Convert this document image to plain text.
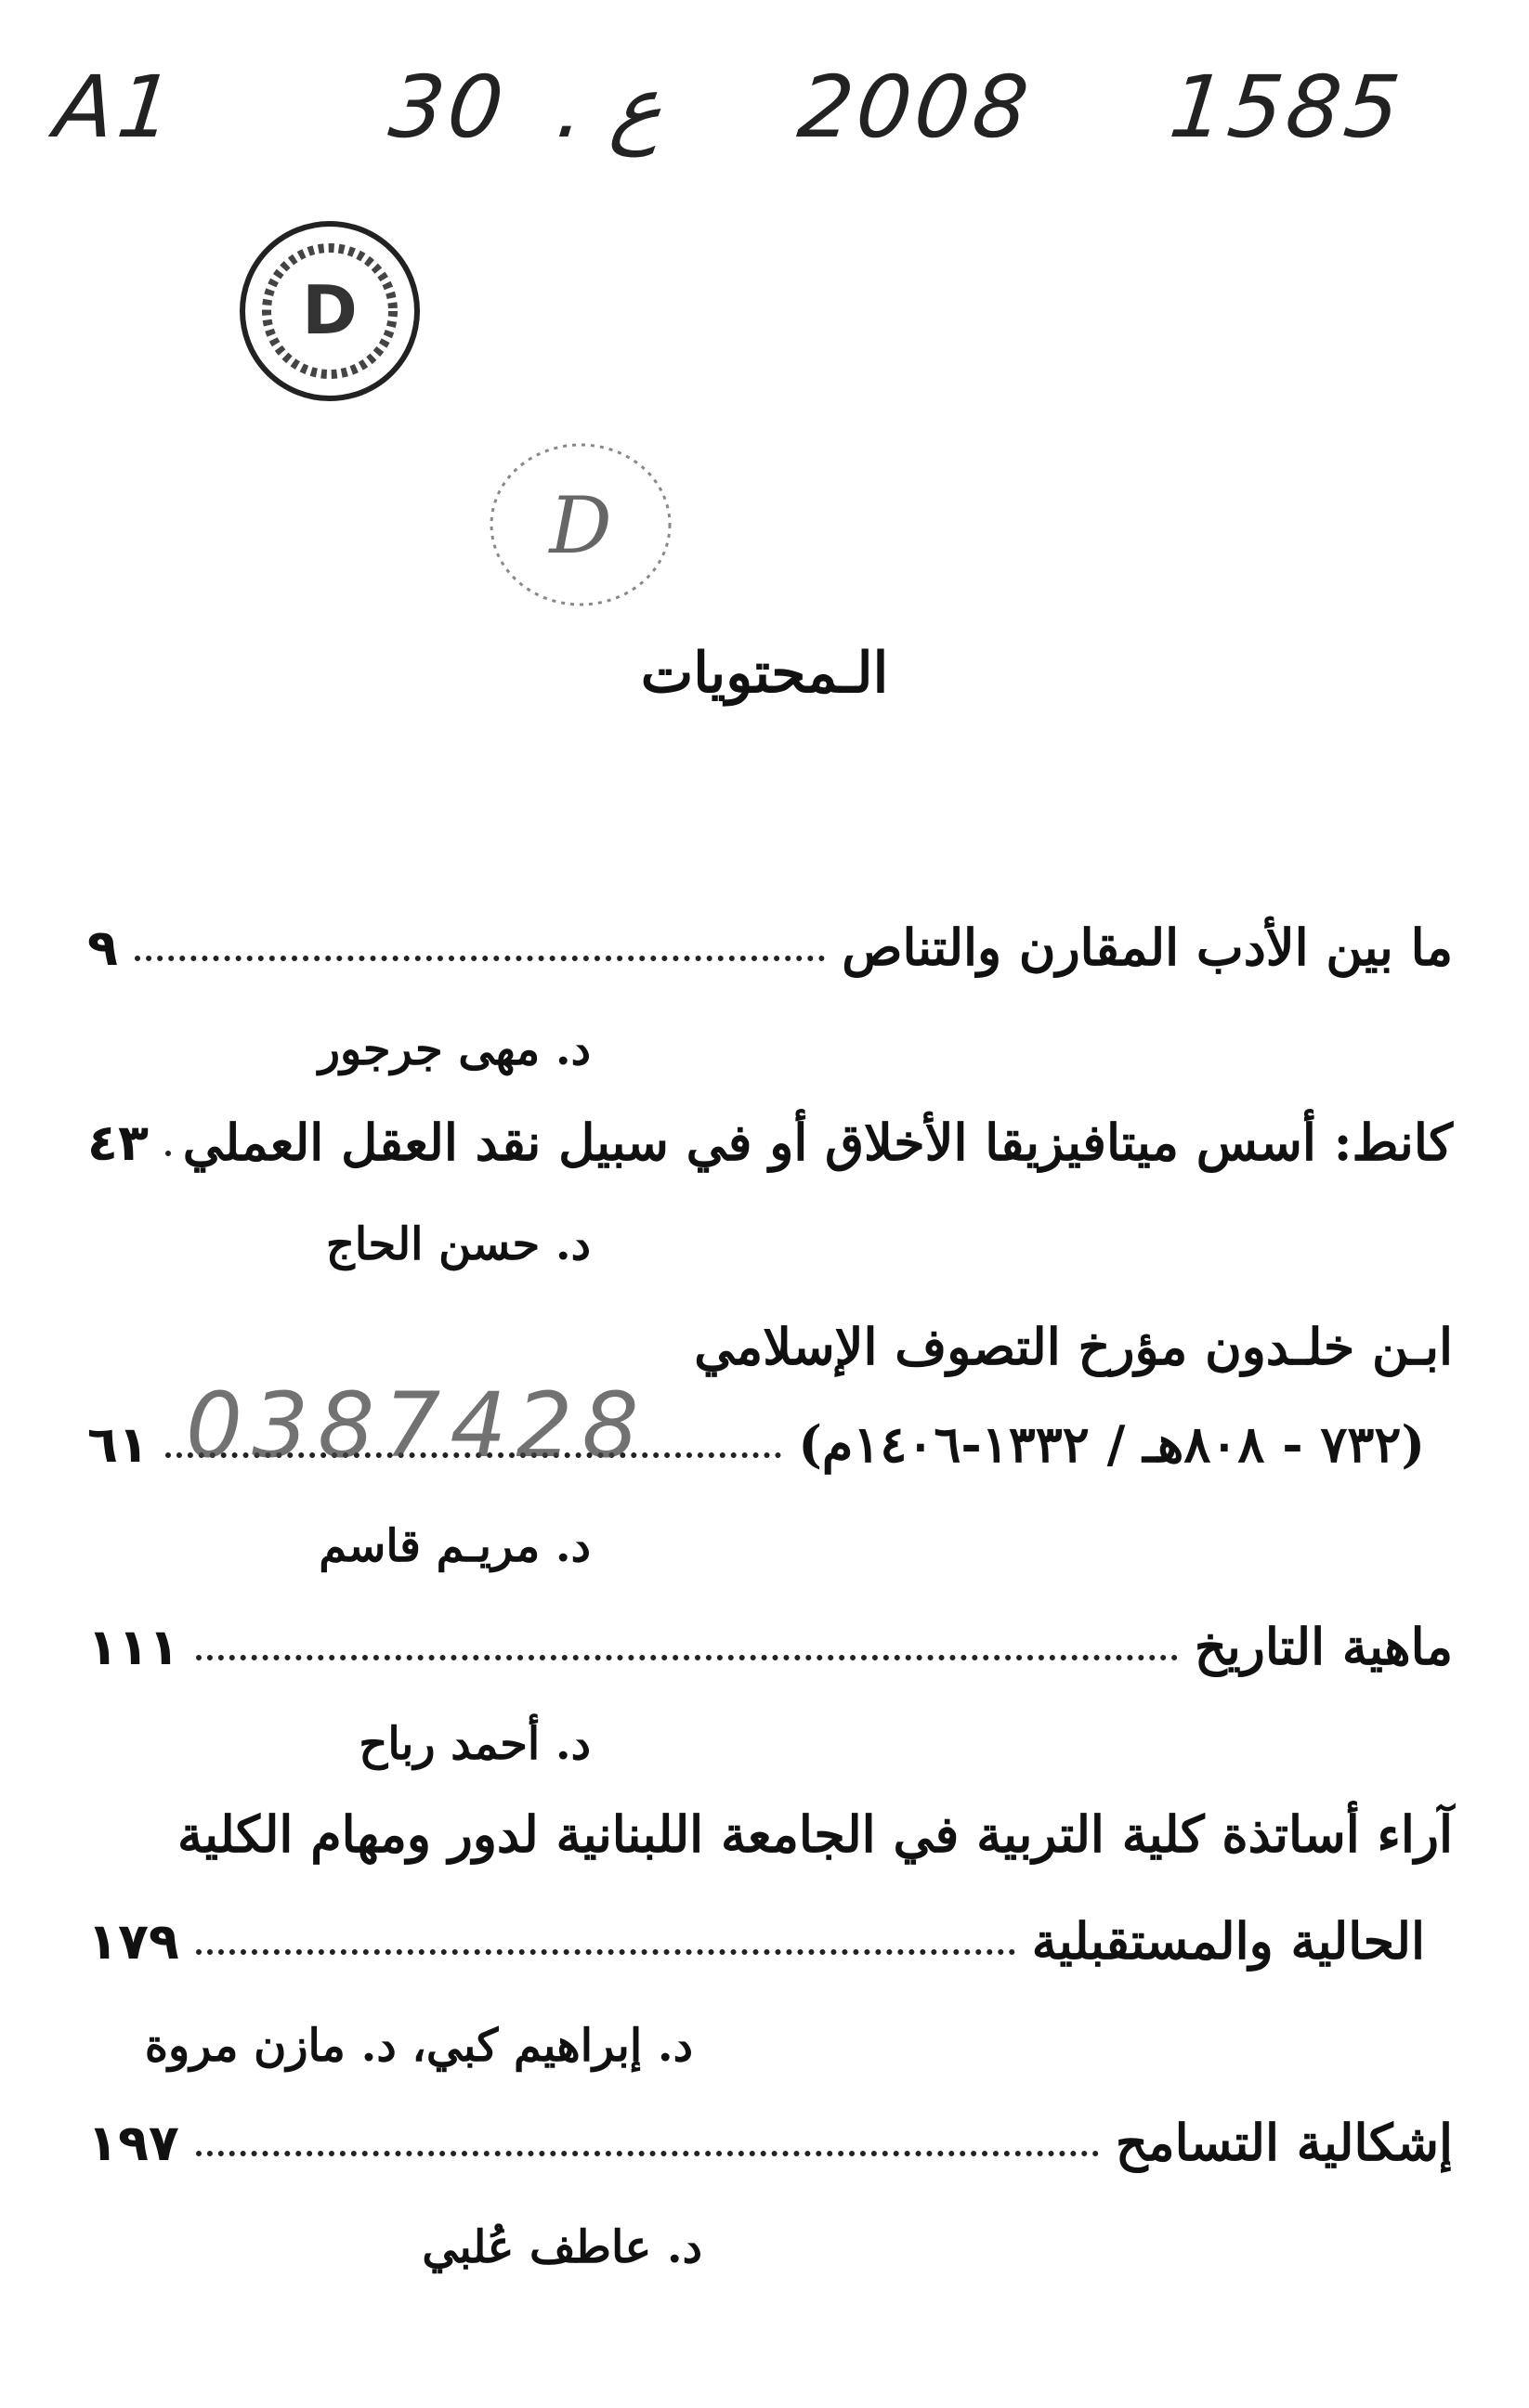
A1 30 . ع 2008 1585
D
D
الـمحتويات
ما بين الأدب المقارن والتناص
٩
د. مهى جرجور
كانط: أسس ميتافيزيقا الأخلاق أو في سبيل نقد العقل العملي
٤٣
د. حسن الحاج
ابـن خلـدون مؤرخ التصوف الإسلامي
(٧٣٢ - ٨٠٨هـ / ١٣٣٢-١٤٠٦م)
٦١
د. مريـم قاسم
0387428
ماهية التاريخ
١١١
د. أحمد رباح
آراء أساتذة كلية التربية في الجامعة اللبنانية لدور ومهام الكلية
الحالية والمستقبلية
١٧٩
د. إبراهيم كبي، د. مازن مروة
إشكالية التسامح
١٩٧
د. عاطف عُلبي
